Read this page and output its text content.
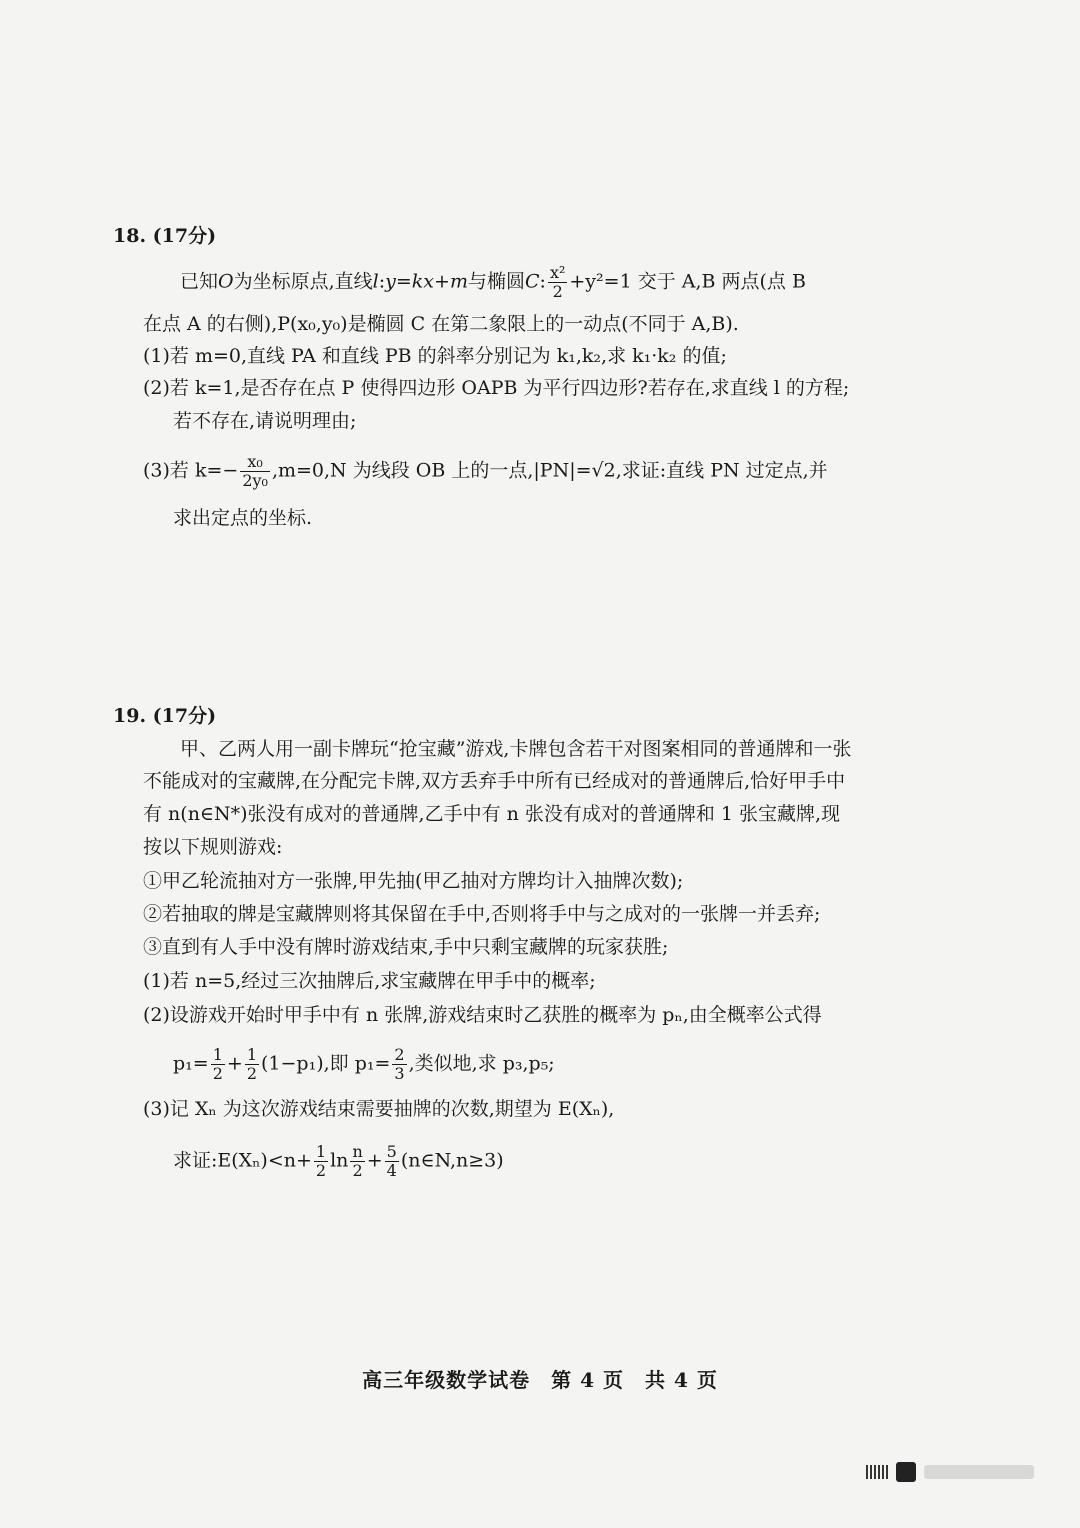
18. (17分)
已知O为坐标原点,直线l:y=kx+m与椭圆C: $\frac{\text{x²}}{2} +y^2=1$ 交于 A,B 两点(点 B
在点 A 的右侧),P(x₀,y₀)是椭圆 C 在第二象限上的一动点(不同于 A,B).
(1)若 m=0,直线 PA 和直线 PB 的斜率分别记为 k₁,k₂,求 k₁·k₂ 的值;
(2)若 k=1,是否存在点 P 使得四边形 OAPB 为平行四边形?若存在,求直线 l 的方程;
若不存在,请说明理由;
(3)若 $k=- \frac{\text{x₀}}{\text{2y₀}} ,m=0,N$ 为线段 OB 上的一点,|PN|=√2,求证:直线 PN 过定点,并
求出定点的坐标.
19. (17分)
甲、乙两人用一副卡牌玩“抢宝藏”游戏,卡牌包含若干对图案相同的普通牌和一张
不能成对的宝藏牌,在分配完卡牌,双方丢弃手中所有已经成对的普通牌后,恰好甲手中
有 n(n∈N*)张没有成对的普通牌,乙手中有 n 张没有成对的普通牌和 1 张宝藏牌,现
按以下规则游戏:
①甲乙轮流抽对方一张牌,甲先抽(甲乙抽对方牌均计入抽牌次数);
②若抽取的牌是宝藏牌则将其保留在手中,否则将手中与之成对的一张牌一并丢弃;
③直到有人手中没有牌时游戏结束,手中只剩宝藏牌的玩家获胜;
(1)若 n=5,经过三次抽牌后,求宝藏牌在甲手中的概率;
(2)设游戏开始时甲手中有 n 张牌,游戏结束时乙获胜的概率为 pₙ,由全概率公式得
$p_1= \frac{1}{2} + \frac{1}{2} (1-p_1)$,即 $p_1= \frac{2}{3}$ ,类似地,求 p₃,p₅;
(3)记 Xₙ 为这次游戏结束需要抽牌的次数,期望为 E(Xₙ),
求证:E(Xₙ)<n+ $\frac{1}{2}$ $\ln \frac{n}{2} + \frac{5}{4}$ (n∈N,n≥3)
高三年级数学试卷　第 4 页　共 4 页
